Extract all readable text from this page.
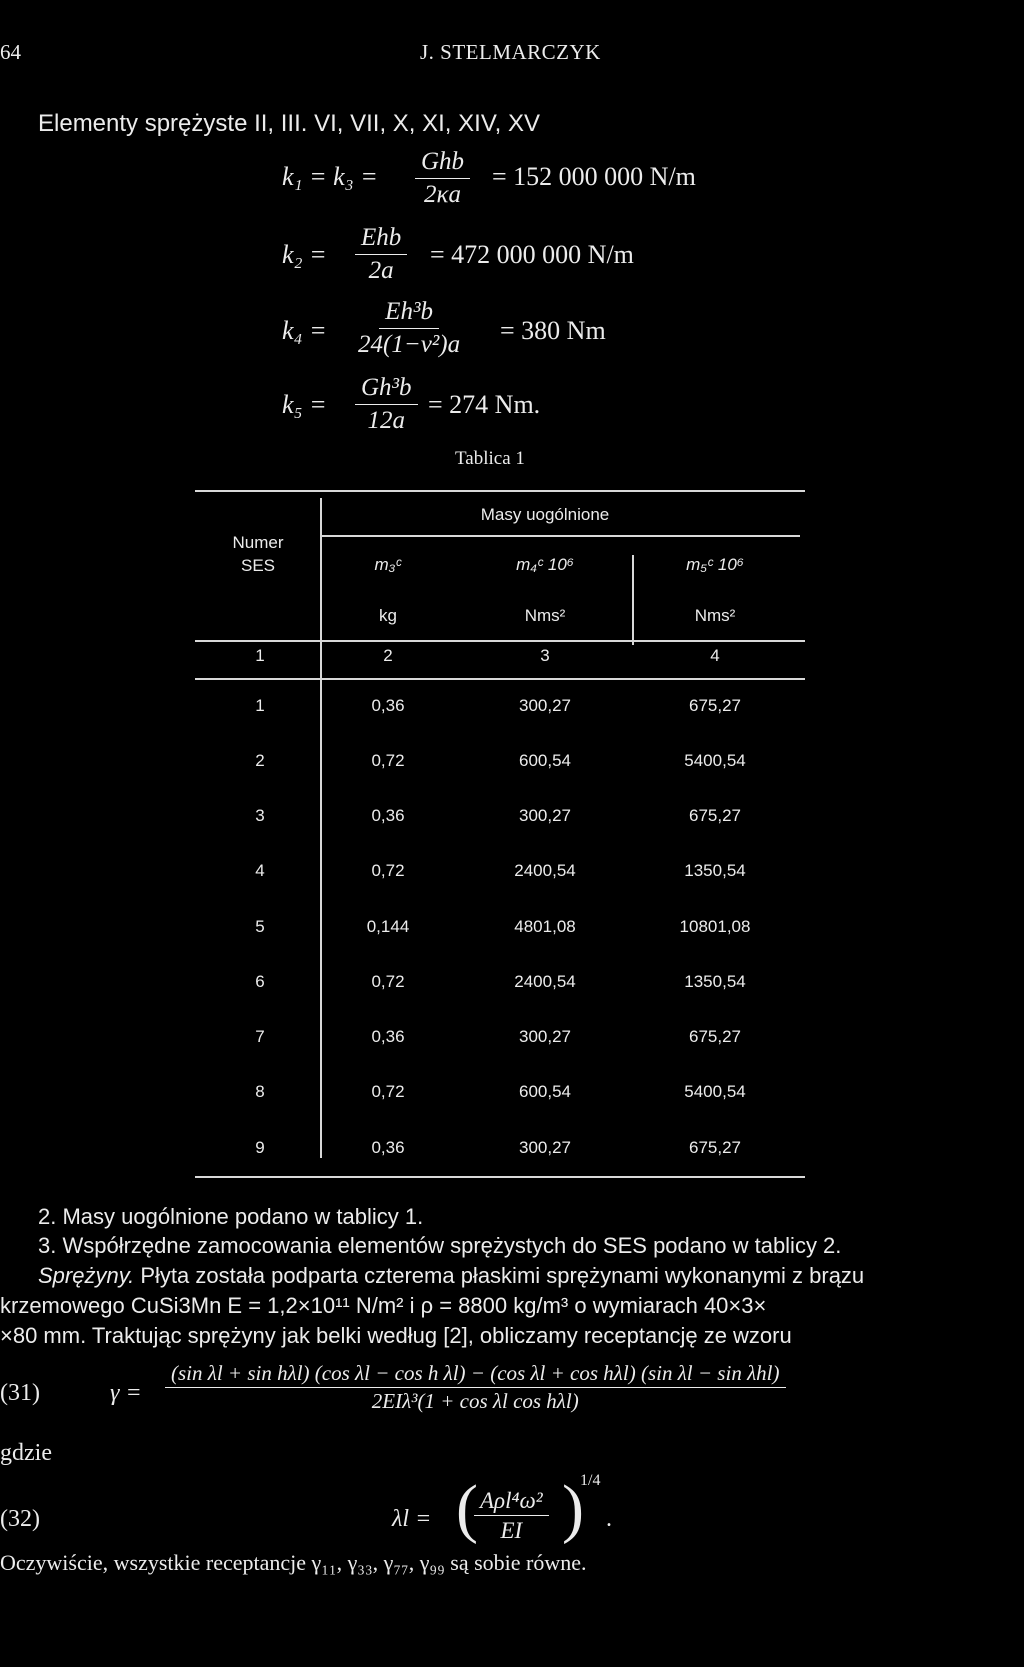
64	J. STELMARCZYK
Elementy sprężyste II, III. VI, VII, X, XI, XIV, XV
k₁ = k₃ =
Ghb
2κa
= 152 000 000 N/m
k₂ =
Ehb
2a
= 472 000 000 N/m
$k_4 = \frac{\text{Eh³b}}{\text{24(1−ν²)a}} = 380$ Nm
$k_5 = \frac{\text{Gh³b}}{12a} = 274$ Nm.
Tablica 1
Masy uogólnione
Numer
SES	m₃ᶜ	m₄ᶜ 10⁶	m₅ᶜ 10⁶
kg	Nms²	Nms²
1	2	3	4
1	0,36	300,27	675,27
2	0,72	600,54	5400,54
3	0,36	300,27	675,27
4	0,72	2400,54	1350,54
5	0,144	4801,08	10801,08
6	0,72	2400,54	1350,54
7	0,36	300,27	675,27
8	0,72	600,54	5400,54
9	0,36	300,27	675,27
2. Masy uogólnione podano w tablicy 1.
3. Współrzędne zamocowania elementów sprężystych do SES podano w tablicy 2.
Sprężyny. Płyta została podparta czterema płaskimi sprężynami wykonanymi z brązu
krzemowego CuSi3Mn E = 1,2×10¹¹ N/m² i ρ = 8800 kg/m³ o wymiarach 40×3×
×80 mm. Traktując sprężyny jak belki według [2], obliczamy receptancję ze wzoru
(31)	γ =
(sin λl + sin hλl) (cos λl − cos h λl) − (cos λl + cos hλl) (sin λl − sin λhl)
2EIλ³(1 + cos λl cos hλl)
gdzie
(32)	λl = ( Aρl⁴ω²
EI )
1/4
.
Oczywiście, wszystkie receptancje γ₁₁, γ₃₃, γ₇₇, γ₉₉ są sobie równe.
